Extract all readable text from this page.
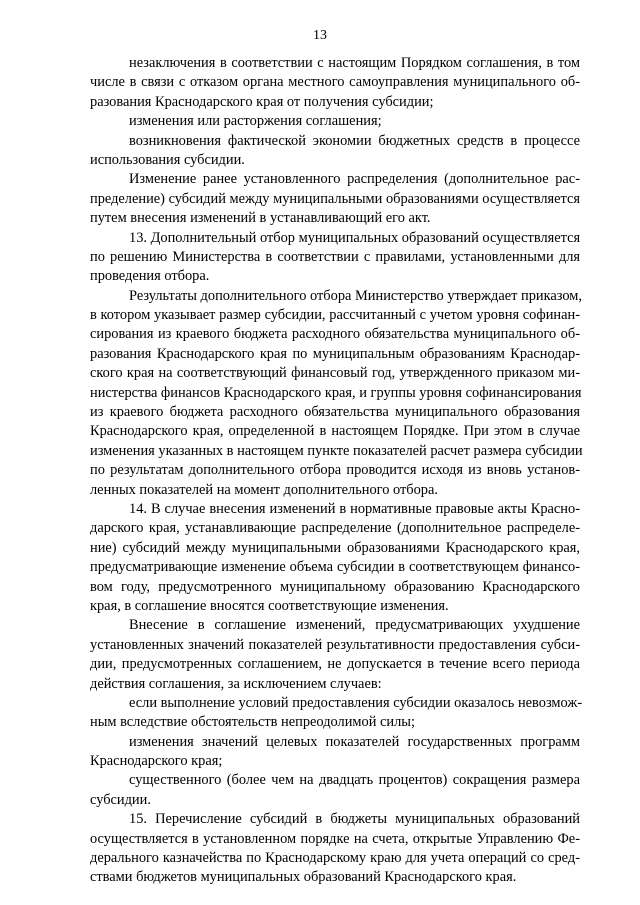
13
незаключения в соответствии с настоящим Порядком соглашения, в том
числе в связи с отказом органа местного самоуправления муниципального об-
разования Краснодарского края от получения субсидии;
изменения или расторжения соглашения;
возникновения фактической экономии бюджетных средств в процессе
использования субсидии.
Изменение ранее установленного распределения (дополнительное рас-
пределение) субсидий между муниципальными образованиями осуществляется
путем внесения изменений в устанавливающий его акт.
13. Дополнительный отбор муниципальных образований осуществляется
по решению Министерства в соответствии с правилами, установленными для
проведения отбора.
Результаты дополнительного отбора Министерство утверждает приказом,
в котором указывает размер субсидии, рассчитанный с учетом уровня софинан-
сирования из краевого бюджета расходного обязательства муниципального об-
разования Краснодарского края по муниципальным образованиям Краснодар-
ского края на соответствующий финансовый год, утвержденного приказом ми-
нистерства финансов Краснодарского края, и группы уровня софинансирования
из краевого бюджета расходного обязательства муниципального образования
Краснодарского края, определенной в настоящем Порядке. При этом в случае
изменения указанных в настоящем пункте показателей расчет размера субсидии
по результатам дополнительного отбора проводится исходя из вновь установ-
ленных показателей на момент дополнительного отбора.
14. В случае внесения изменений в нормативные правовые акты Красно-
дарского края, устанавливающие распределение (дополнительное распределе-
ние) субсидий между муниципальными образованиями Краснодарского края,
предусматривающие изменение объема субсидии в соответствующем финансо-
вом году, предусмотренного муниципальному образованию Краснодарского
края, в соглашение вносятся соответствующие изменения.
Внесение в соглашение изменений, предусматривающих ухудшение
установленных значений показателей результативности предоставления субси-
дии, предусмотренных соглашением, не допускается в течение всего периода
действия соглашения, за исключением случаев:
если выполнение условий предоставления субсидии оказалось невозмож-
ным вследствие обстоятельств непреодолимой силы;
изменения значений целевых показателей государственных программ
Краснодарского края;
существенного (более чем на двадцать процентов) сокращения размера
субсидии.
15. Перечисление субсидий в бюджеты муниципальных образований
осуществляется в установленном порядке на счета, открытые Управлению Фе-
дерального казначейства по Краснодарскому краю для учета операций со сред-
ствами бюджетов муниципальных образований Краснодарского края.
